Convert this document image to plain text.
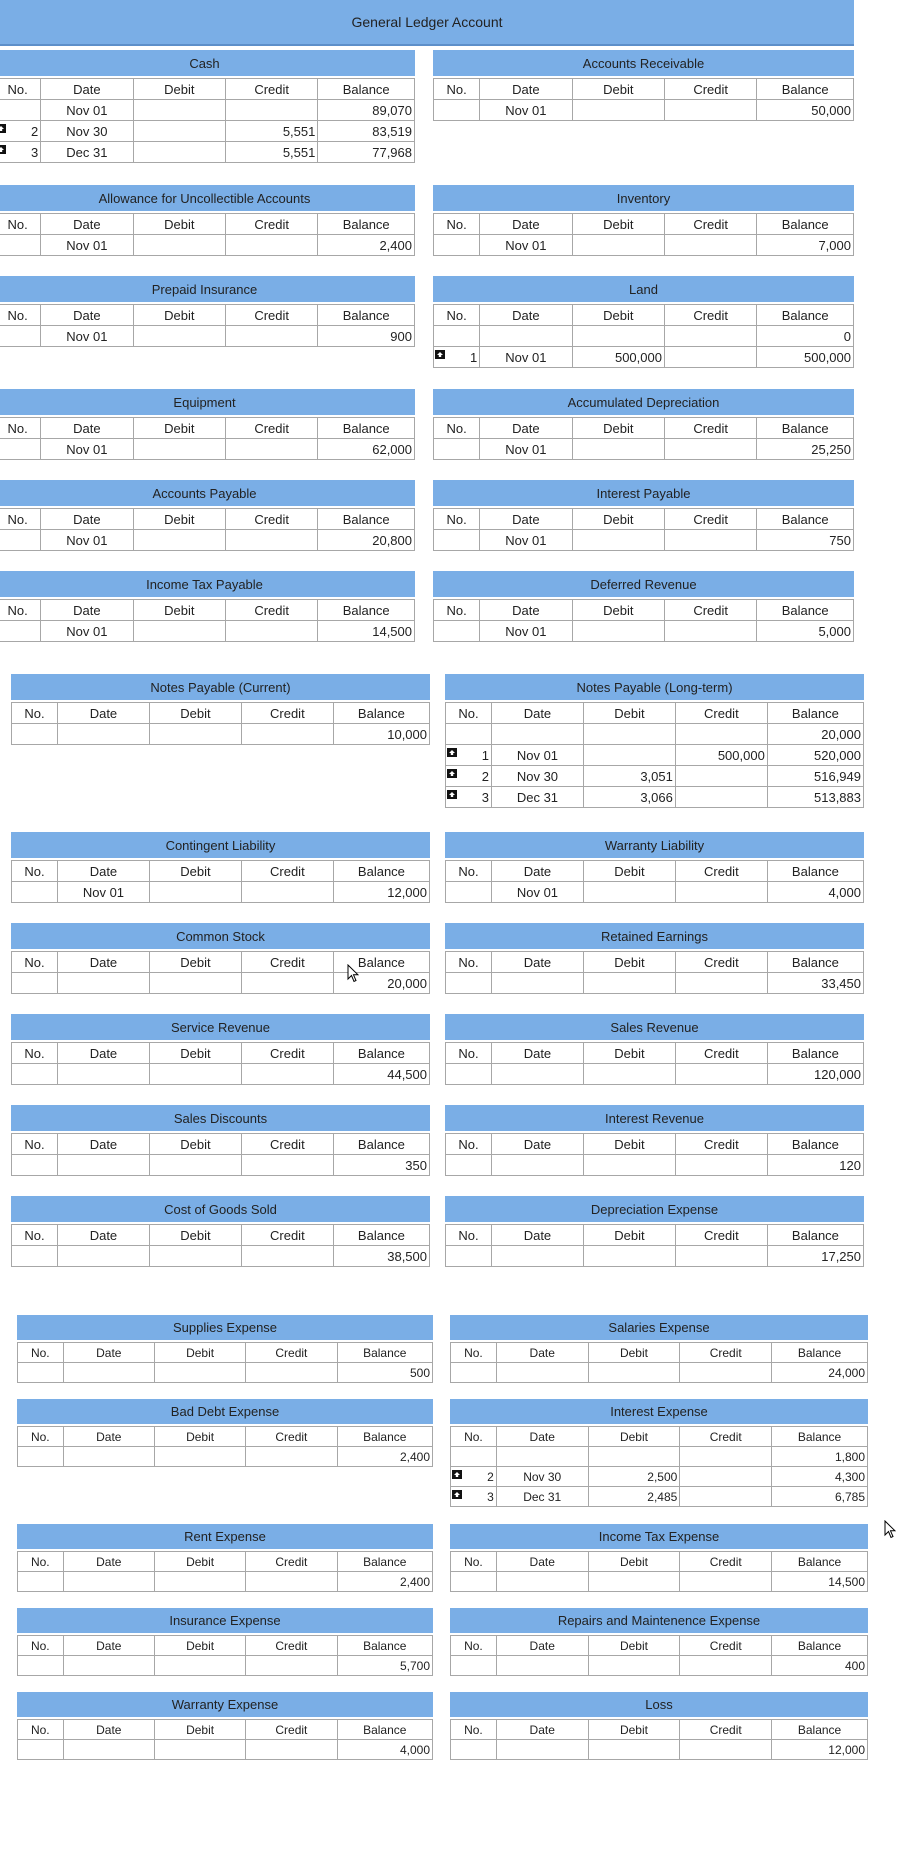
General Ledger Account
Cash
No.	Date	Debit	Credit	Balance
	Nov 01			89,070

2	Nov 30		5,551	83,519

3	Dec 31		5,551	77,968
Accounts Receivable
No.	Date	Debit	Credit	Balance
	Nov 01			50,000
Allowance for Uncollectible Accounts
No.	Date	Debit	Credit	Balance
	Nov 01			2,400
Inventory
No.	Date	Debit	Credit	Balance
	Nov 01			7,000
Prepaid Insurance
No.	Date	Debit	Credit	Balance
	Nov 01			900
Land
No.	Date	Debit	Credit	Balance
				0

1	Nov 01	500,000		500,000
Equipment
No.	Date	Debit	Credit	Balance
	Nov 01			62,000
Accumulated Depreciation
No.	Date	Debit	Credit	Balance
	Nov 01			25,250
Accounts Payable
No.	Date	Debit	Credit	Balance
	Nov 01			20,800
Interest Payable
No.	Date	Debit	Credit	Balance
	Nov 01			750
Income Tax Payable
No.	Date	Debit	Credit	Balance
	Nov 01			14,500
Deferred Revenue
No.	Date	Debit	Credit	Balance
	Nov 01			5,000
Notes Payable (Current)
No.	Date	Debit	Credit	Balance
				10,000
Notes Payable (Long-term)
No.	Date	Debit	Credit	Balance
				20,000

1	Nov 01		500,000	520,000

2	Nov 30	3,051		516,949

3	Dec 31	3,066		513,883
Contingent Liability
No.	Date	Debit	Credit	Balance
	Nov 01			12,000
Warranty Liability
No.	Date	Debit	Credit	Balance
	Nov 01			4,000
Common Stock
No.	Date	Debit	Credit	Balance
				20,000
Retained Earnings
No.	Date	Debit	Credit	Balance
				33,450
Service Revenue
No.	Date	Debit	Credit	Balance
				44,500
Sales Revenue
No.	Date	Debit	Credit	Balance
				120,000
Sales Discounts
No.	Date	Debit	Credit	Balance
				350
Interest Revenue
No.	Date	Debit	Credit	Balance
				120
Cost of Goods Sold
No.	Date	Debit	Credit	Balance
				38,500
Depreciation Expense
No.	Date	Debit	Credit	Balance
				17,250
Supplies Expense
No.	Date	Debit	Credit	Balance
				500
Salaries Expense
No.	Date	Debit	Credit	Balance
				24,000
Bad Debt Expense
No.	Date	Debit	Credit	Balance
				2,400
Interest Expense
No.	Date	Debit	Credit	Balance
				1,800

2	Nov 30	2,500		4,300

3	Dec 31	2,485		6,785
Rent Expense
No.	Date	Debit	Credit	Balance
				2,400
Income Tax Expense
No.	Date	Debit	Credit	Balance
				14,500
Insurance Expense
No.	Date	Debit	Credit	Balance
				5,700
Repairs and Maintenence Expense
No.	Date	Debit	Credit	Balance
				400
Warranty Expense
No.	Date	Debit	Credit	Balance
				4,000
Loss
No.	Date	Debit	Credit	Balance
				12,000
